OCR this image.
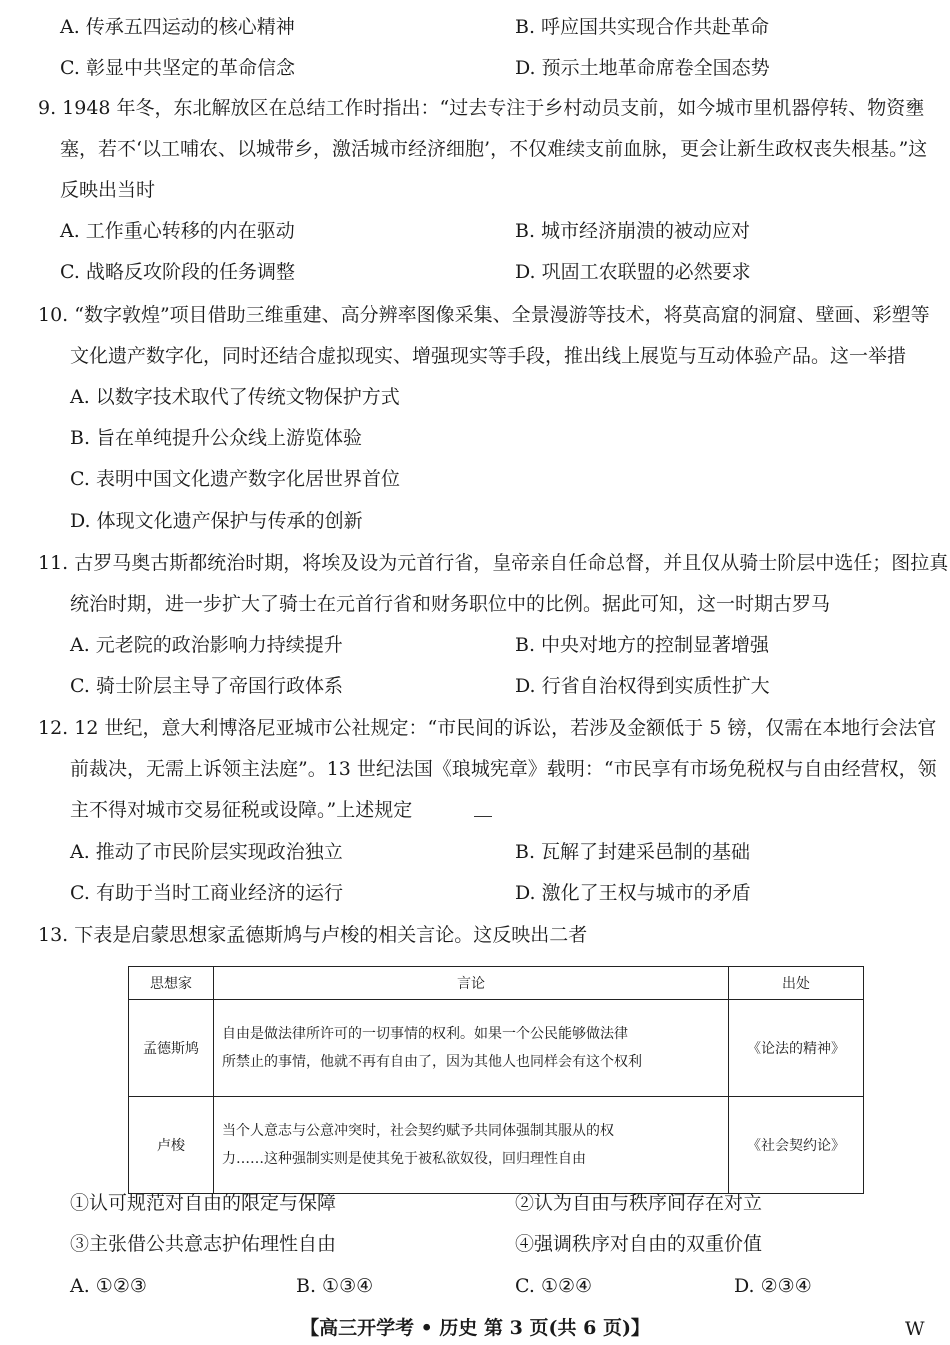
A. 传承五四运动的核心精神	B. 呼应国共实现合作共赴革命
C. 彰显中共坚定的革命信念	D. 预示土地革命席卷全国态势
9. 1948 年冬，东北解放区在总结工作时指出：“过去专注于乡村动员支前，如今城市里机器停转、物资壅
塞，若不‘以工哺农、以城带乡，激活城市经济细胞’，不仅难续支前血脉，更会让新生政权丧失根基。”这
反映出当时
A. 工作重心转移的内在驱动	B. 城市经济崩溃的被动应对
C. 战略反攻阶段的任务调整	D. 巩固工农联盟的必然要求
10. “数字敦煌”项目借助三维重建、高分辨率图像采集、全景漫游等技术，将莫高窟的洞窟、壁画、彩塑等
文化遗产数字化，同时还结合虚拟现实、增强现实等手段，推出线上展览与互动体验产品。这一举措
A. 以数字技术取代了传统文物保护方式
B. 旨在单纯提升公众线上游览体验
C. 表明中国文化遗产数字化居世界首位
D. 体现文化遗产保护与传承的创新
11. 古罗马奥古斯都统治时期，将埃及设为元首行省，皇帝亲自任命总督，并且仅从骑士阶层中选任；图拉真
统治时期，进一步扩大了骑士在元首行省和财务职位中的比例。据此可知，这一时期古罗马
A. 元老院的政治影响力持续提升	B. 中央对地方的控制显著增强
C. 骑士阶层主导了帝国行政体系	D. 行省自治权得到实质性扩大
12. 12 世纪，意大利博洛尼亚城市公社规定：“市民间的诉讼，若涉及金额低于 5 镑，仅需在本地行会法官
前裁决，无需上诉领主法庭”。13 世纪法国《琅城宪章》载明：“市民享有市场免税权与自由经营权，领
主不得对城市交易征税或设障。”上述规定
A. 推动了市民阶层实现政治独立	B. 瓦解了封建采邑制的基础
C. 有助于当时工商业经济的运行	D. 激化了王权与城市的矛盾
13. 下表是启蒙思想家孟德斯鸠与卢梭的相关言论。这反映出二者
思想家	言论	出处
孟德斯鸠	自由是做法律所许可的一切事情的权利。如果一个公民能够做法律
所禁止的事情，他就不再有自由了，因为其他人也同样会有这个权利	《论法的精神》
卢梭	当个人意志与公意冲突时，社会契约赋予共同体强制其服从的权
力……这种强制实则是使其免于被私欲奴役，回归理性自由	《社会契约论》
①认可规范对自由的限定与保障	②认为自由与秩序间存在对立
③主张借公共意志护佑理性自由	④强调秩序对自由的双重价值
A. ①②③	B. ①③④	C. ①②④	D. ②③④
【高三开学考 • 历史 第 3 页(共 6 页)】	W
